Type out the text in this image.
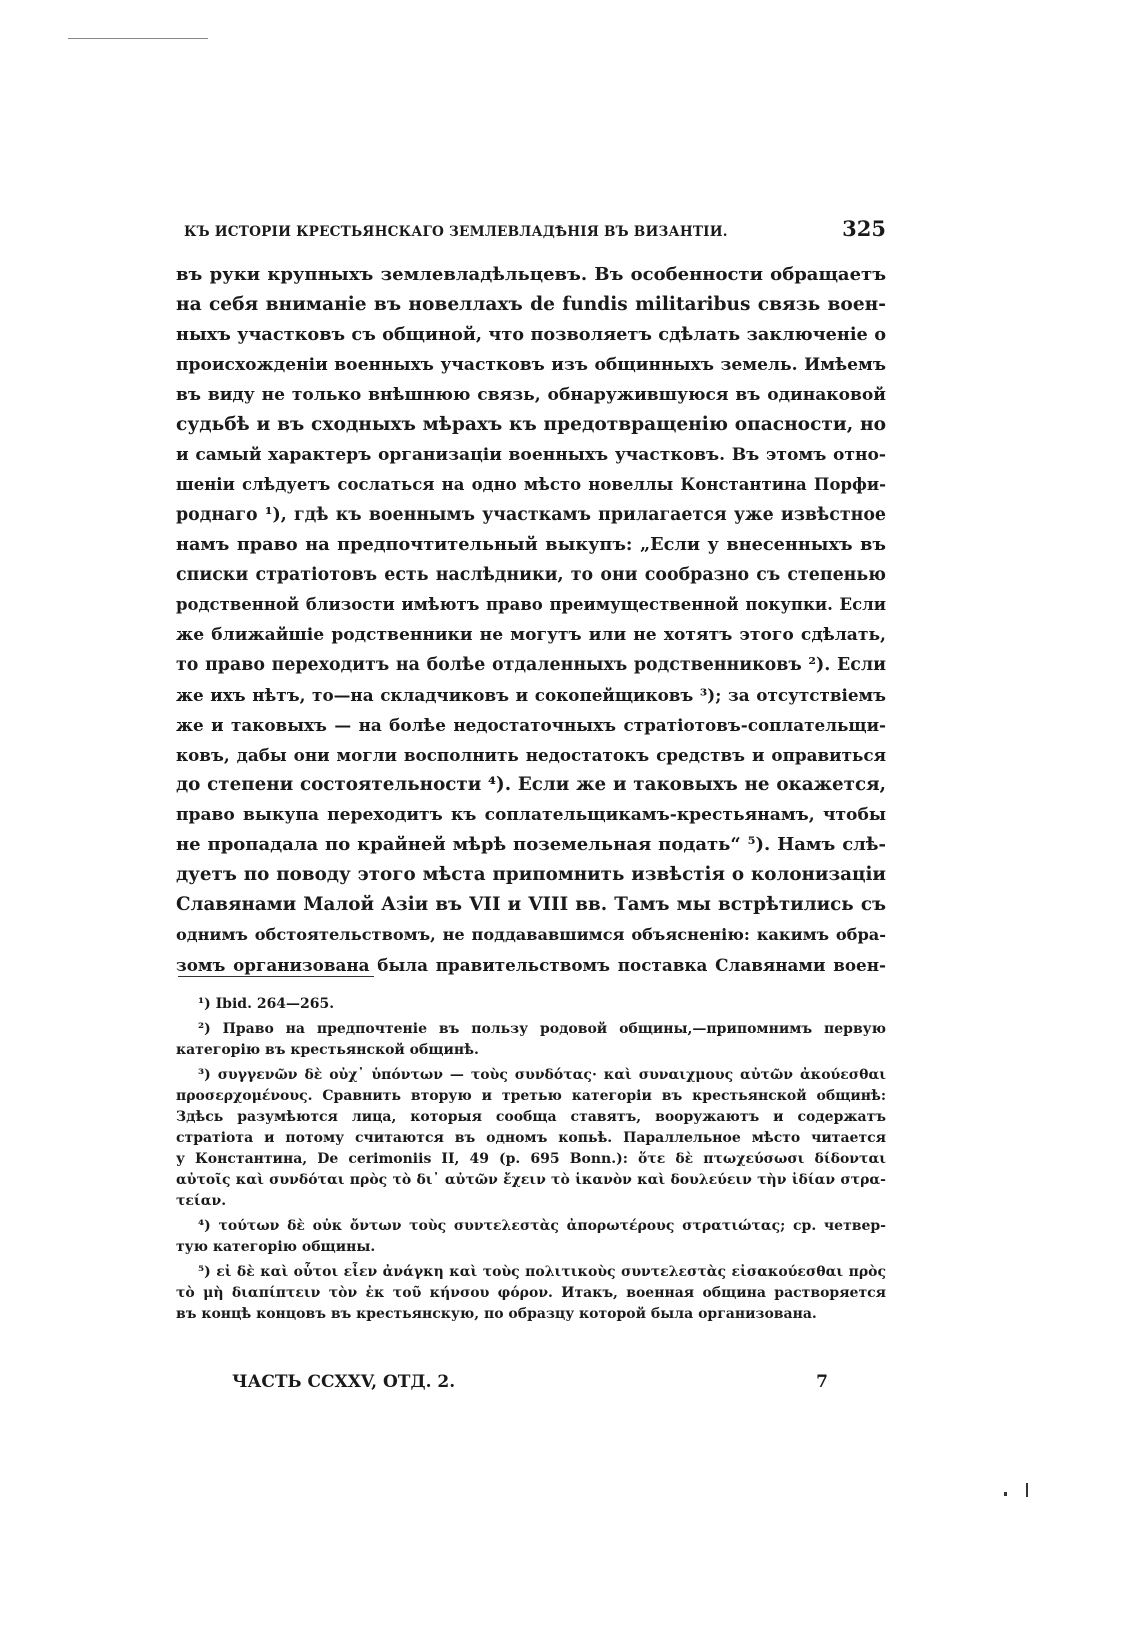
КЪ ИСТОРІИ КРЕСТЬЯНСКАГО ЗЕМЛЕВЛАДѢНІЯ ВЪ ВИЗАНТІИ.	325
въ руки крупныхъ землевладѣльцевъ. Въ особенности обращаетъ
на себя вниманіе въ новеллахъ de fundis militaribus связь воен-
ныхъ участковъ съ общиной, что позволяетъ сдѣлать заключеніе о
происхожденіи военныхъ участковъ изъ общинныхъ земель. Имѣемъ
въ виду не только внѣшнюю связь, обнаружившуюся въ одинаковой
судьбѣ и въ сходныхъ мѣрахъ къ предотвращенію опасности, но
и самый характеръ организаціи военныхъ участковъ. Въ этомъ отно-
шеніи слѣдуетъ сослаться на одно мѣсто новеллы Константина Порфи-
роднаго ¹), гдѣ къ военнымъ участкамъ прилагается уже извѣстное
намъ право на предпочтительный выкупъ: „Если у внесенныхъ въ
списки стратіотовъ есть наслѣдники, то они сообразно съ степенью
родственной близости имѣютъ право преимущественной покупки. Если
же ближайшіе родственники не могутъ или не хотятъ этого сдѣлать,
то право переходитъ на болѣе отдаленныхъ родственниковъ ²). Если
же ихъ нѣтъ, то—на складчиковъ и сокопейщиковъ ³); за отсутствіемъ
же и таковыхъ — на болѣе недостаточныхъ стратіотовъ-соплательщи-
ковъ, дабы они могли восполнить недостатокъ средствъ и оправиться
до степени состоятельности ⁴). Если же и таковыхъ не окажется,
право выкупа переходитъ къ соплательщикамъ-крестьянамъ, чтобы
не пропадала по крайней мѣрѣ поземельная подать“ ⁵). Намъ слѣ-
дуетъ по поводу этого мѣста припомнить извѣстія о колонизаціи
Славянами Малой Азіи въ VII и VIII вв. Тамъ мы встрѣтились съ
однимъ обстоятельствомъ, не поддававшимся объясненію: какимъ обра-
зомъ организована была правительствомъ поставка Славянами воен-
¹) Ibid. 264—265.
²) Право на предпочтеніе въ пользу родовой общины,—припомнимъ первую
категорію въ крестьянской общинѣ.
³) συγγενῶν δὲ οὐχ᾽ ὑπόντων — τοὺς συνδότας· καὶ συναιχμους αὐτῶν ἀκούεσθαι
προσερχομένους. Сравнить вторую и третью категоріи въ крестьянской общинѣ:
Здѣсь разумѣются лица, которыя сообща ставятъ, вооружаютъ и содержатъ
стратіота и потому считаются въ одномъ копьѣ. Параллельное мѣсто читается
у Константина, De cerimoniis II, 49 (p. 695 Bonn.): ὅτε δὲ πτωχεύσωσι δίδονται
αὐτοῖς καὶ συνδόται πρὸς τὸ δι᾽ αὐτῶν ἔχειν τὸ ἱκανὸν καὶ δουλεύειν τὴν ἰδίαν στρα-
τείαν.
⁴) τούτων δὲ οὐκ ὄντων τοὺς συντελεστὰς ἀπορωτέρους στρατιώτας; ср. четвер-
тую категорію общины.
⁵) εἰ δὲ καὶ οὗτοι εἶεν ἀνάγκη καὶ τοὺς πολιτικοὺς συντελεστὰς εἰσακούεσθαι πρὸς
τὸ μὴ διαπίπτειν τὸν ἐκ τοῦ κήνσου φόρον. Итакъ, военная община растворяется
въ концѣ концовъ въ крестьянскую, по образцу которой была организована.
ЧАСТЬ CCXXV, ОТД. 2.	7
